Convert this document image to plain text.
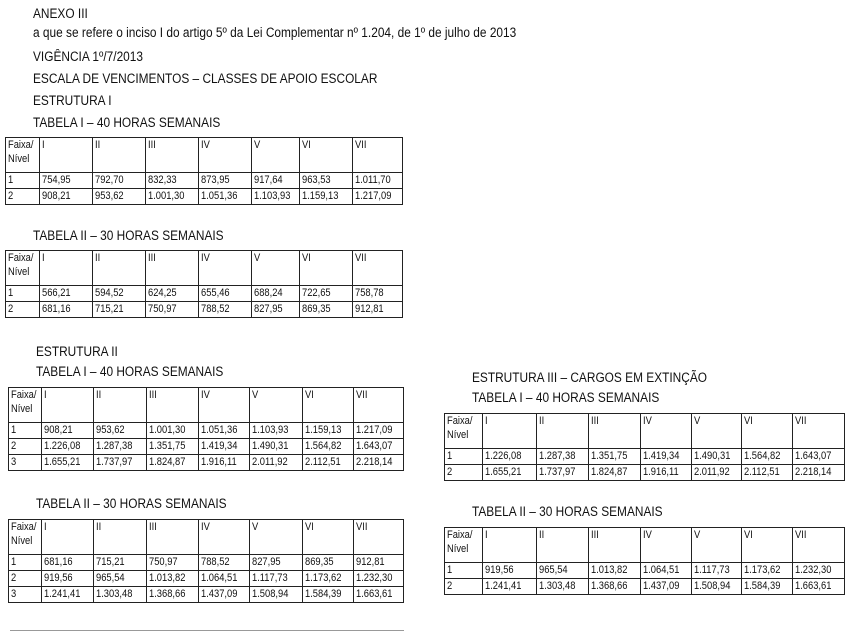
ANEXO III
a que se refere o inciso I do artigo 5º da Lei Complementar nº 1.204, de 1º de julho de 2013
VIGÊNCIA 1º/7/2013
ESCALA DE VENCIMENTOS – CLASSES DE APOIO ESCOLAR
ESTRUTURA I
TABELA I – 40 HORAS SEMANAIS
Faixa/ Nível	I	II	III	IV	V	VI	VII
1	754,95	792,70	832,33	873,95	917,64	963,53	1.011,70
2	908,21	953,62	1.001,30	1.051,36	1.103,93	1.159,13	1.217,09
TABELA II – 30 HORAS SEMANAIS
Faixa/ Nível	I	II	III	IV	V	VI	VII
1	566,21	594,52	624,25	655,46	688,24	722,65	758,78
2	681,16	715,21	750,97	788,52	827,95	869,35	912,81
ESTRUTURA II
TABELA I – 40 HORAS SEMANAIS
Faixa/ Nível	I	II	III	IV	V	VI	VII
1	908,21	953,62	1.001,30	1.051,36	1.103,93	1.159,13	1.217,09
2	1.226,08	1.287,38	1.351,75	1.419,34	1.490,31	1.564,82	1.643,07
3	1.655,21	1.737,97	1.824,87	1.916,11	2.011,92	2.112,51	2.218,14
TABELA II – 30 HORAS SEMANAIS
Faixa/ Nível	I	II	III	IV	V	VI	VII
1	681,16	715,21	750,97	788,52	827,95	869,35	912,81
2	919,56	965,54	1.013,82	1.064,51	1.117,73	1.173,62	1.232,30
3	1.241,41	1.303,48	1.368,66	1.437,09	1.508,94	1.584,39	1.663,61
ESTRUTURA III – CARGOS EM EXTINÇÃO
TABELA I – 40 HORAS SEMANAIS
Faixa/ Nível	I	II	III	IV	V	VI	VII
1	1.226,08	1.287,38	1.351,75	1.419,34	1.490,31	1.564,82	1.643,07
2	1.655,21	1.737,97	1.824,87	1.916,11	2.011,92	2.112,51	2.218,14
TABELA II – 30 HORAS SEMANAIS
Faixa/ Nível	I	II	III	IV	V	VI	VII
1	919,56	965,54	1.013,82	1.064,51	1.117,73	1.173,62	1.232,30
2	1.241,41	1.303,48	1.368,66	1.437,09	1.508,94	1.584,39	1.663,61
